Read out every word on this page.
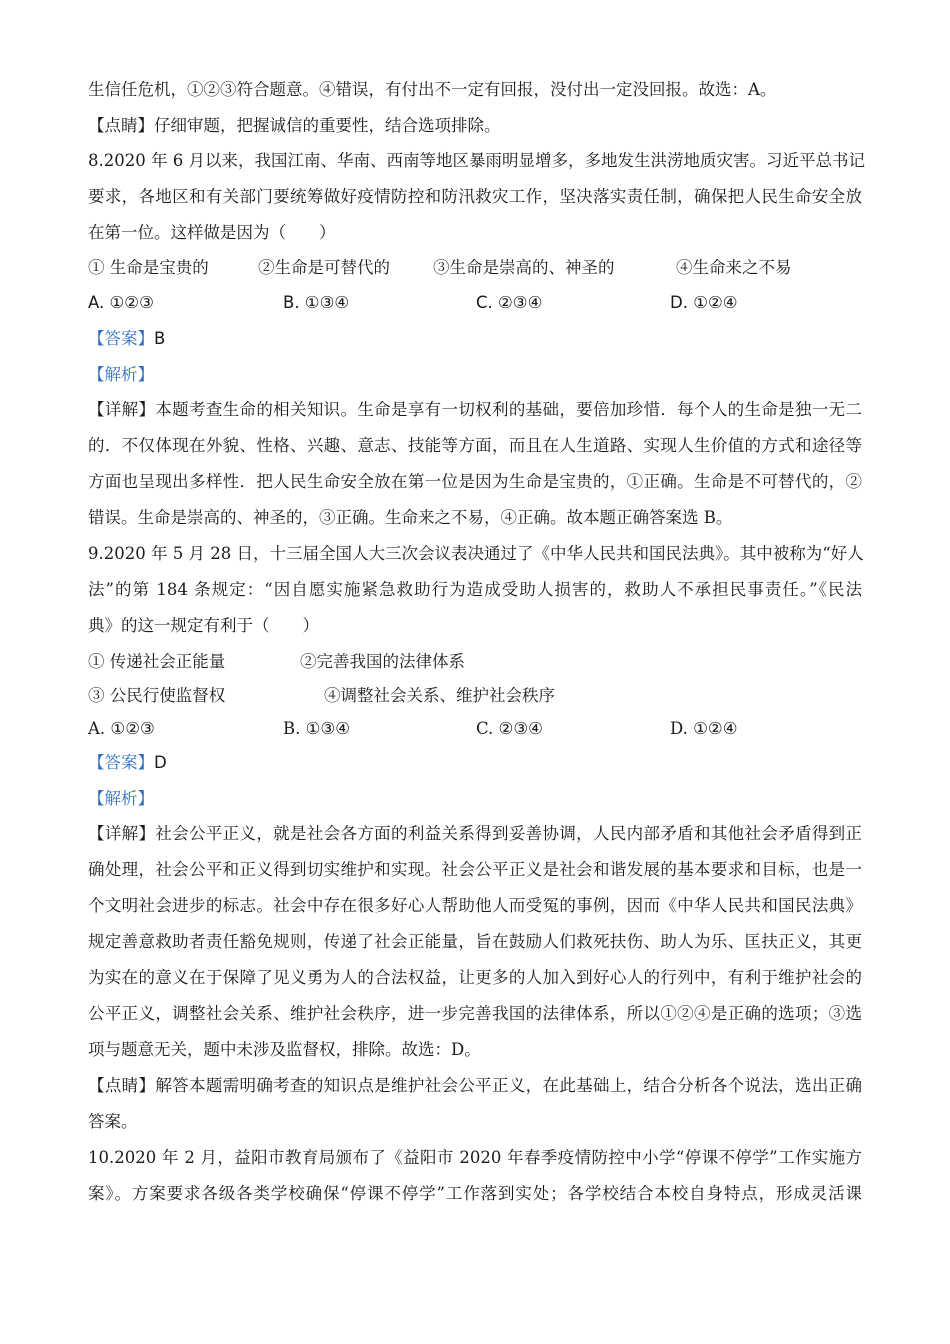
生信任危机，①②③符合题意。④错误，有付出不一定有回报，没付出一定没回报。故选：A。
【点睛】仔细审题，把握诚信的重要性，结合选项排除。
8.2020 年 6 月以来，我国江南、华南、西南等地区暴雨明显增多，多地发生洪涝地质灾害。习近平总书记
要求，各地区和有关部门要统筹做好疫情防控和防汛救灾工作，坚决落实责任制，确保把人民生命安全放
在第一位。这样做是因为（　　）
① 生命是宝贵的	②生命是可替代的	③生命是崇高的、神圣的	④生命来之不易
A. ①②③	B. ①③④	C. ②③④	D. ①②④
【答案】B
【解析】
【详解】本题考查生命的相关知识。生命是享有一切权利的基础，要倍加珍惜．每个人的生命是独一无二
的．不仅体现在外貌、性格、兴趣、意志、技能等方面，而且在人生道路、实现人生价值的方式和途径等
方面也呈现出多样性．把人民生命安全放在第一位是因为生命是宝贵的，①正确。生命是不可替代的，②
错误。生命是崇高的、神圣的，③正确。生命来之不易，④正确。故本题正确答案选 B。
9.2020 年 5 月 28 日，十三届全国人大三次会议表决通过了《中华人民共和国民法典》。其中被称为“好人
法”的第 184 条规定：“因自愿实施紧急救助行为造成受助人损害的，救助人不承担民事责任。”《民法
典》的这一规定有利于（　　）
① 传递社会正能量	②完善我国的法律体系
③ 公民行使监督权	④调整社会关系、维护社会秩序
A. ①②③	B. ①③④	C. ②③④	D. ①②④
【答案】D
【解析】
【详解】社会公平正义，就是社会各方面的利益关系得到妥善协调，人民内部矛盾和其他社会矛盾得到正
确处理，社会公平和正义得到切实维护和实现。社会公平正义是社会和谐发展的基本要求和目标，也是一
个文明社会进步的标志。社会中存在很多好心人帮助他人而受冤的事例，因而《中华人民共和国民法典》
规定善意救助者责任豁免规则，传递了社会正能量，旨在鼓励人们救死扶伤、助人为乐、匡扶正义，其更
为实在的意义在于保障了见义勇为人的合法权益，让更多的人加入到好心人的行列中，有利于维护社会的
公平正义，调整社会关系、维护社会秩序，进一步完善我国的法律体系，所以①②④是正确的选项；③选
项与题意无关，题中未涉及监督权，排除。故选：D。
【点睛】解答本题需明确考查的知识点是维护社会公平正义，在此基础上，结合分析各个说法，选出正确
答案。
10.2020 年 2 月，益阳市教育局颁布了《益阳市 2020 年春季疫情防控中小学“停课不停学”工作实施方
案》。方案要求各级各类学校确保“停课不停学”工作落到实处；各学校结合本校自身特点，形成灵活课
